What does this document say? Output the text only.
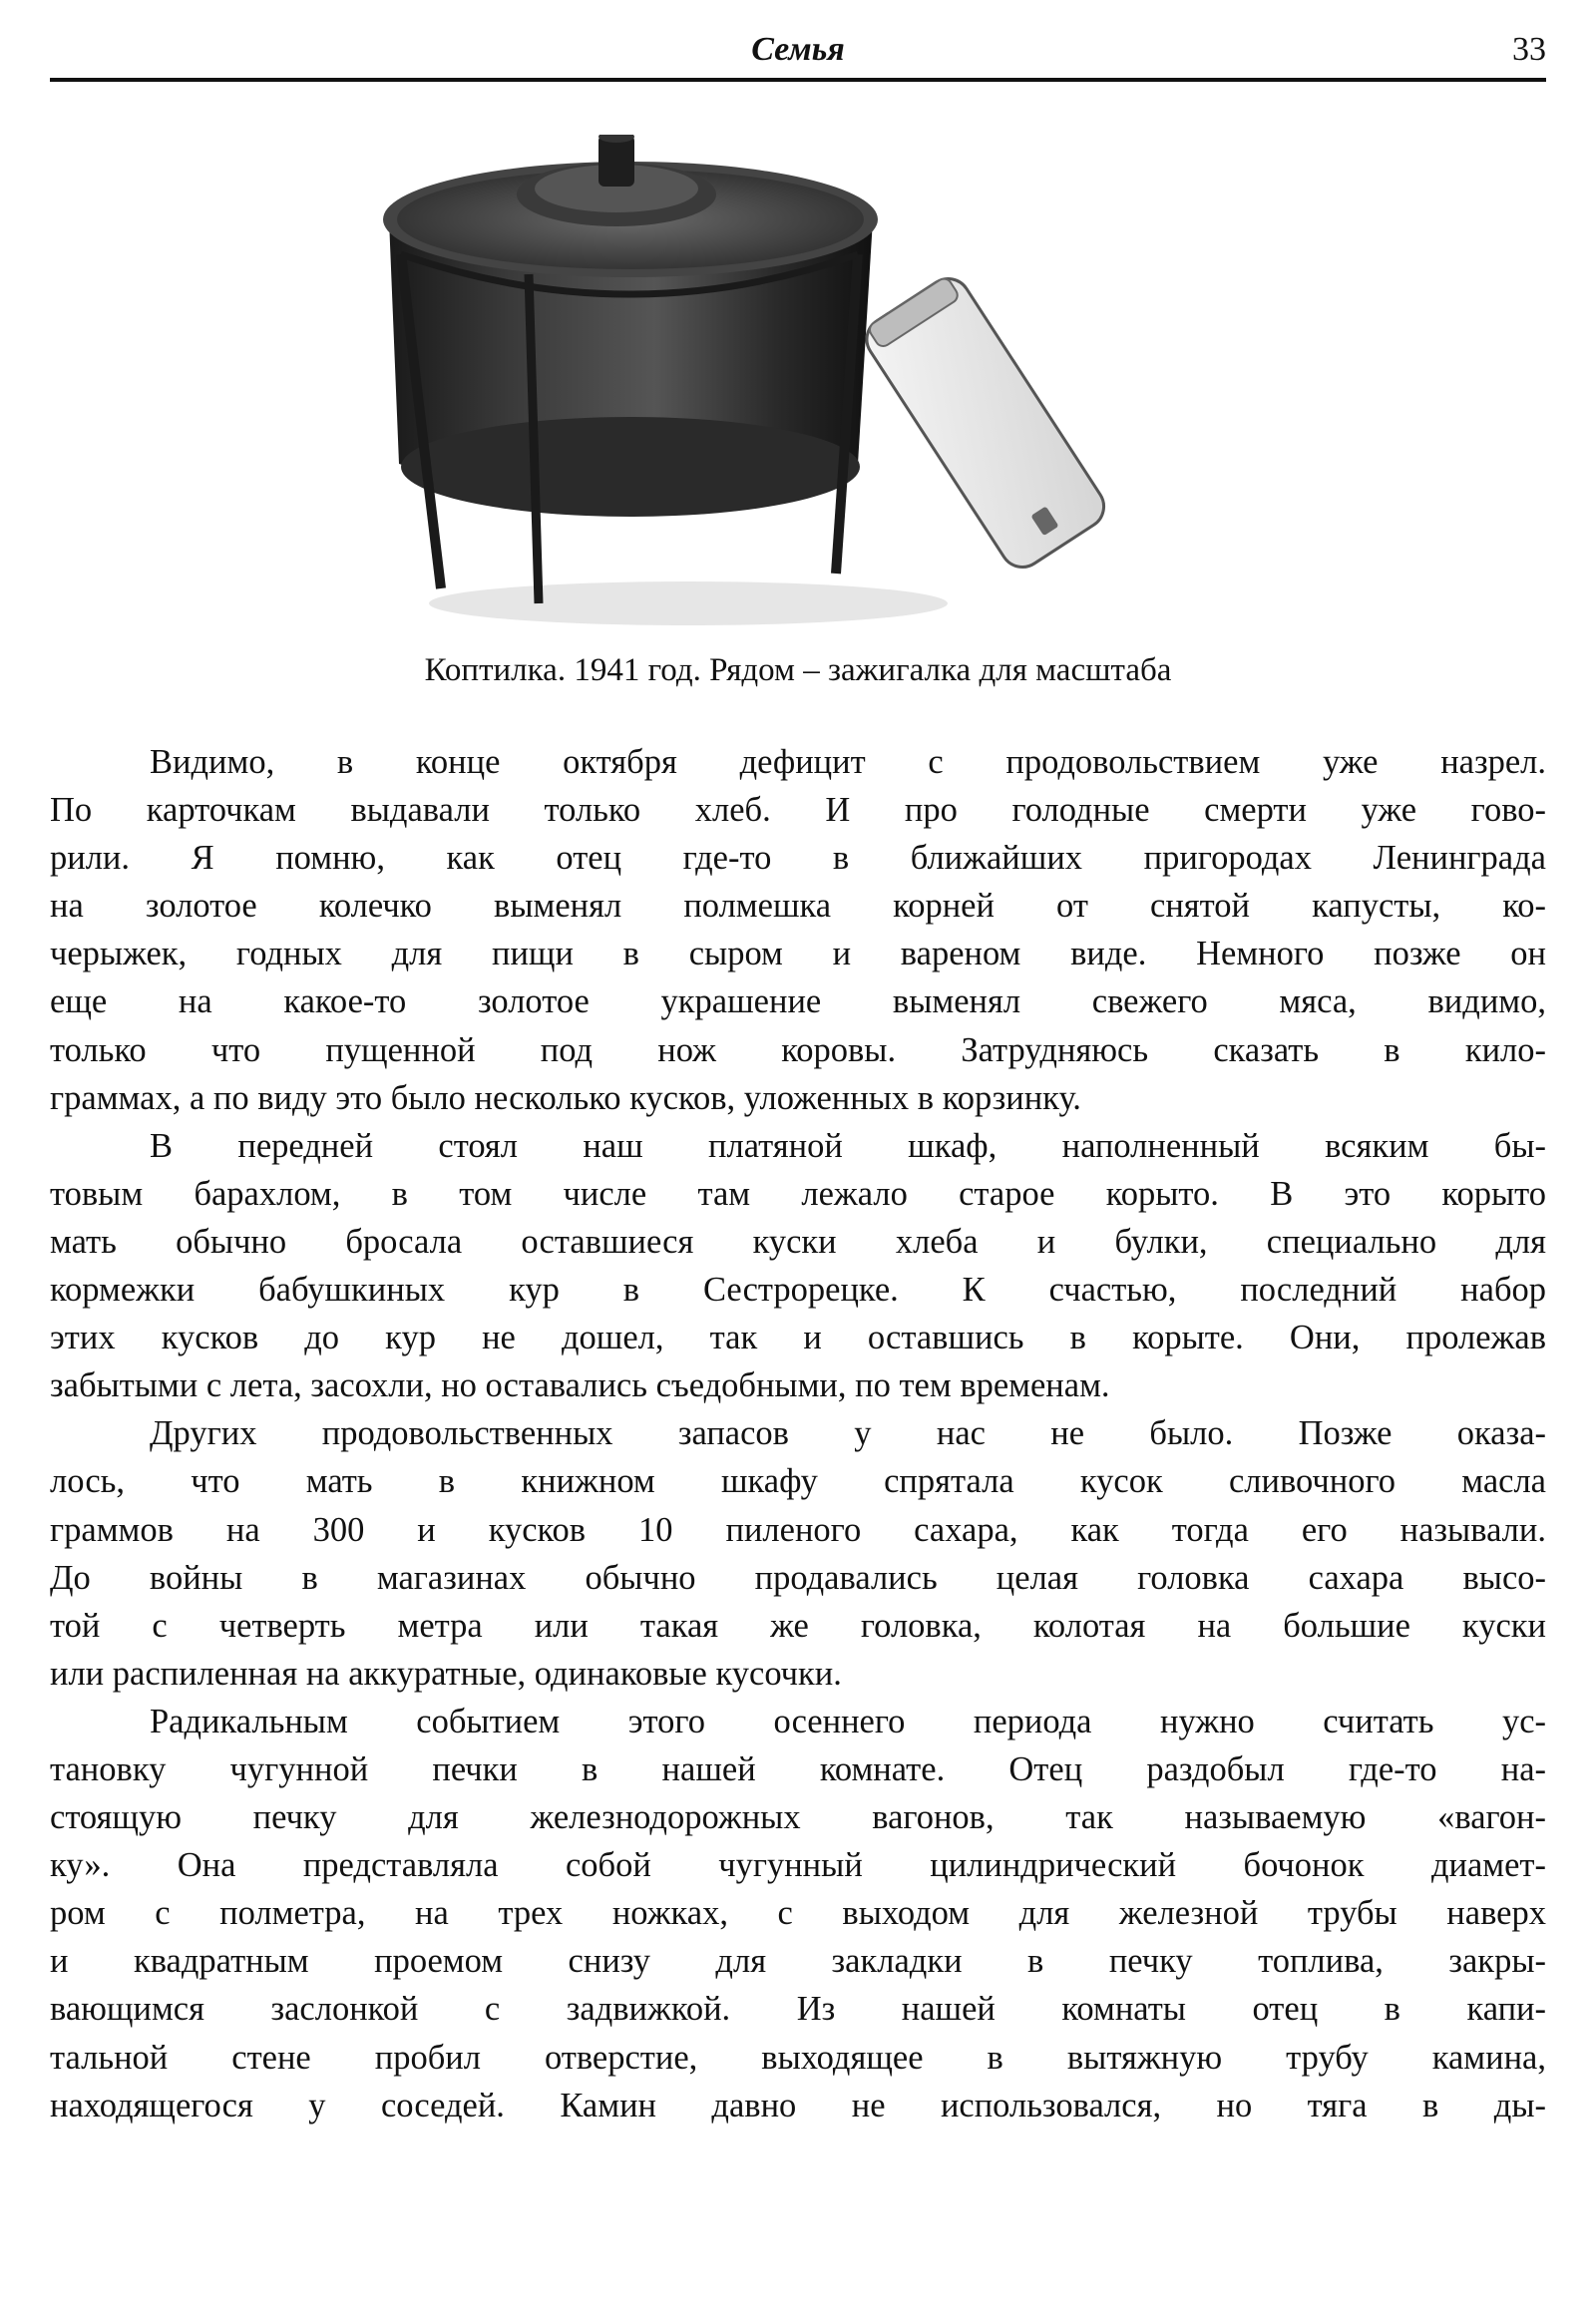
Семья	33
Коптилка. 1941 год. Рядом – зажигалка для масштаба
Видимо, в конце октября дефицит с продовольствием уже назрел.
По карточкам выдавали только хлеб. И про голодные смерти уже гово-
рили. Я помню, как отец где-то в ближайших пригородах Ленинграда
на золотое колечко выменял полмешка корней от снятой капусты, ко-
черыжек, годных для пищи в сыром и вареном виде. Немного позже он
еще на какое-то золотое украшение выменял свежего мяса, видимо,
только что пущенной под нож коровы. Затрудняюсь сказать в кило-
граммах, а по виду это было несколько кусков, уложенных в корзинку.
В передней стоял наш платяной шкаф, наполненный всяким бы-
товым барахлом, в том числе там лежало старое корыто. В это корыто
мать обычно бросала оставшиеся куски хлеба и булки, специально для
кормежки бабушкиных кур в Сестрорецке. К счастью, последний набор
этих кусков до кур не дошел, так и оставшись в корыте. Они, пролежав
забытыми с лета, засохли, но оставались съедобными, по тем временам.
Других продовольственных запасов у нас не было. Позже оказа-
лось, что мать в книжном шкафу спрятала кусок сливочного масла
граммов на 300 и кусков 10 пиленого сахара, как тогда его называли.
До войны в магазинах обычно продавались целая головка сахара высо-
той с четверть метра или такая же головка, колотая на большие куски
или распиленная на аккуратные, одинаковые кусочки.
Радикальным событием этого осеннего периода нужно считать ус-
тановку чугунной печки в нашей комнате. Отец раздобыл где-то на-
стоящую печку для железнодорожных вагонов, так называемую «вагон-
ку». Она представляла собой чугунный цилиндрический бочонок диамет-
ром с полметра, на трех ножках, с выходом для железной трубы наверх
и квадратным проемом снизу для закладки в печку топлива, закры-
вающимся заслонкой с задвижкой. Из нашей комнаты отец в капи-
тальной стене пробил отверстие, выходящее в вытяжную трубу камина,
находящегося у соседей. Камин давно не использовался, но тяга в ды-
